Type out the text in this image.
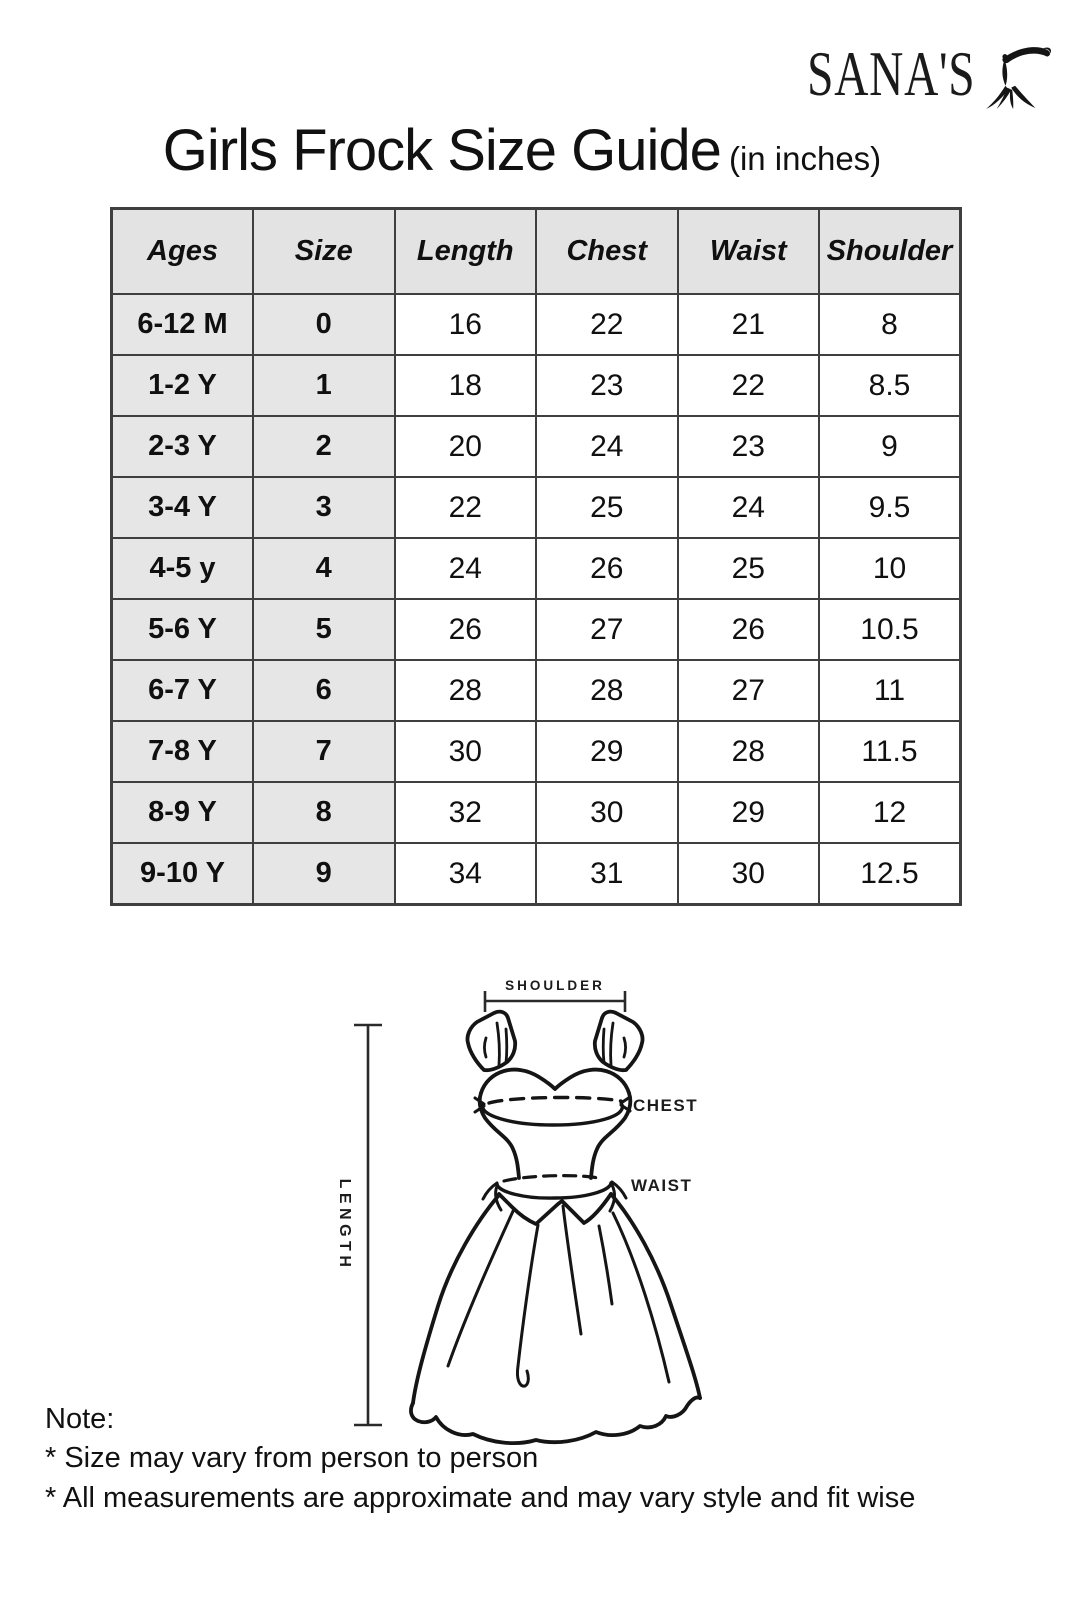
SANA'S
Girls Frock Size Guide (in inches)
Ages	Size	Length	Chest	Waist	Shoulder
6-12 M	0	16	22	21	8
1-2 Y	1	18	23	22	8.5
2-3 Y	2	20	24	23	9
3-4 Y	3	22	25	24	9.5
4-5 y	4	24	26	25	10
5-6 Y	5	26	27	26	10.5
6-7 Y	6	28	28	27	11
7-8 Y	7	30	29	28	11.5
8-9 Y	8	32	30	29	12
9-10 Y	9	34	31	30	12.5
SHOULDER
CHEST
WAIST
LENGTH
Note:
* Size may vary from person to person
* All measurements are approximate and may vary style and fit wise
